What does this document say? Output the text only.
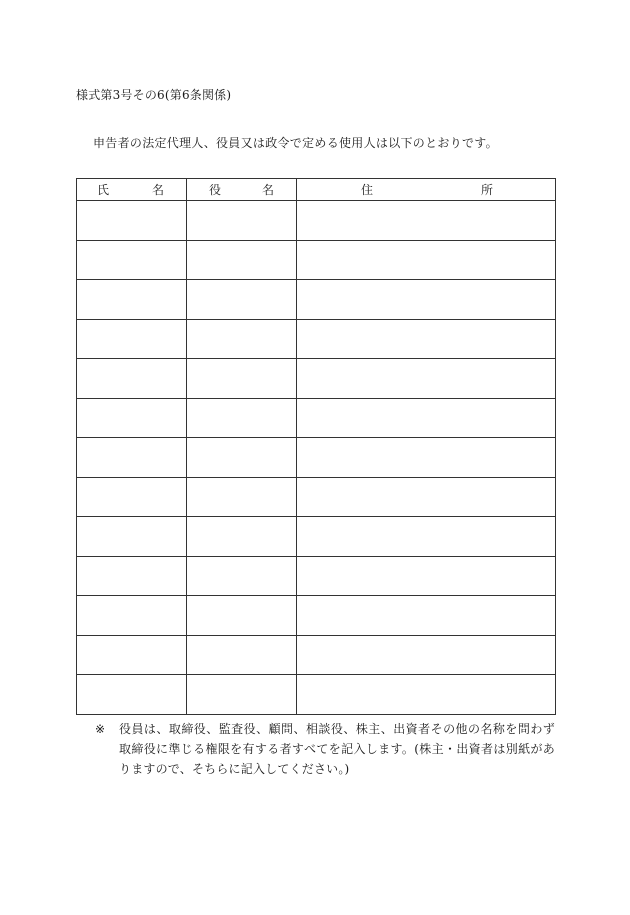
様式第3号その6(第6条関係)
申告者の法定代理人、役員又は政令で定める使用人は以下のとおりです。
氏 名	役 名	住 所

※	役員は、取締役、監査役、顧問、相談役、株主、出資者その他の名称を問わず取締役に準じる権限を有する者すべてを記入します。(株主・出資者は別紙がありますので、そちらに記入してください。)
